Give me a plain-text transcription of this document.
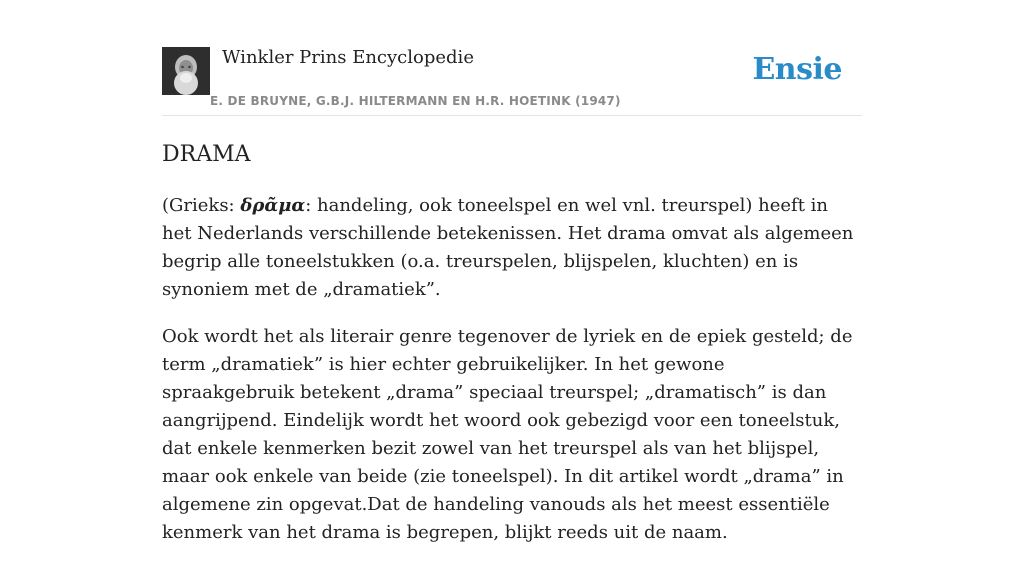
Winkler Prins Encyclopedie	Ensie
E. DE BRUYNE, G.B.J. HILTERMANN EN H.R. HOETINK (1947)
DRAMA

(Grieks: δρᾶμα: handeling, ook toneelspel en wel vnl. treurspel) heeft in het Nederlands verschillende betekenissen. Het drama omvat als algemeen begrip alle toneelstukken (o.a. treurspelen, blijspelen, kluchten) en is synoniem met de „dramatiek”.

Ook wordt het als literair genre tegenover de lyriek en de epiek gesteld; de term „dramatiek” is hier echter gebruikelijker. In het gewone spraakgebruik betekent „drama” speciaal treurspel; „dramatisch” is dan aangrijpend. Eindelijk wordt het woord ook gebezigd voor een toneelstuk, dat enkele kenmerken bezit zowel van het treurspel als van het blijspel, maar ook enkele van beide (zie toneelspel). In dit artikel wordt „drama” in algemene zin opgevat.Dat de handeling vanouds als het meest essentiële kenmerk van het drama is begrepen, blijkt reeds uit de naam.
